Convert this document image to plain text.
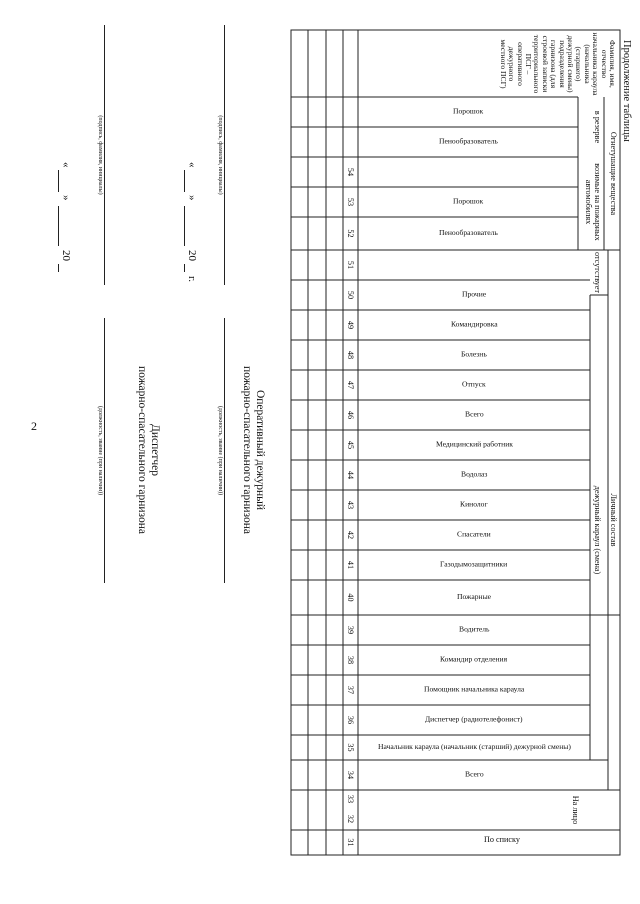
2
Продолжение таблицы
По списку
На лицо
Личный состав
дежурный караул (смена)
отсутствует
Огнетушащие вещества
возимые на пожарных автомобилях
в резерве
Фамилия, имя, отчество начальника караула (начальника (старшего) дежурной смены) подразделения гарнизона (для строевой записки территориального ПСГ – оперативного дежурного местного ПСГ)
Всего
Начальник караула (начальник (старший) дежурной смены)
Диспетчер (радиотелефонист)
Помощник начальника караула
Командир отделения
Водитель
Пожарные
Газодымозащитники
Спасатели
Кинолог
Водолаз
Медицинский работник
Всего
Отпуск
Болезнь
Командировка
Прочие
Пенообразователь
Порошок
Пенообразователь
Порошок
31
32
33
34
35
36
37
38
39
40
41
42
43
44
45
46
47
48
49
50
51
52
53
54
Оперативный дежурный
пожарно-спасательного гарнизона
(должность, звание (при наличии))
(подпись, фамилия, инициалы)
«
»
20
г.
Диспетчер
пожарно-спасательного гарнизона
(должность, звание (при наличии))
(подпись, фамилия, инициалы)
«
»
20
